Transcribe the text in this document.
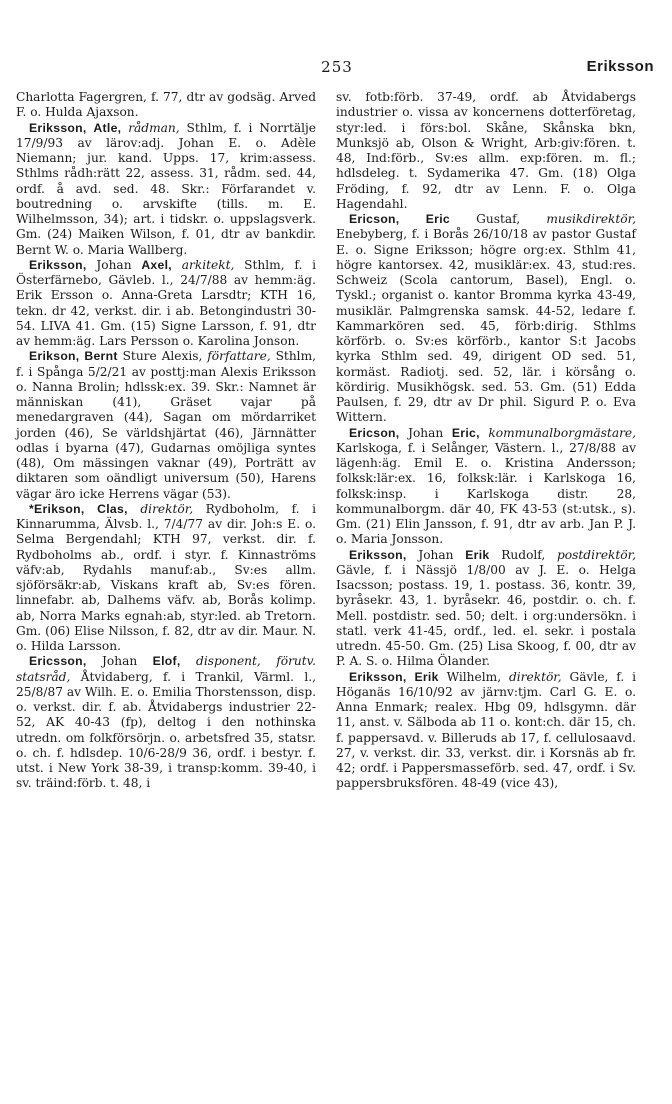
253	Eriksson

Charlotta Fagergren, f. 77, dtr av godsäg. Arved F. o. Hulda Ajaxson.

Eriksson, Atle, rådman, Sthlm, f. i Norrtälje 17/9/93 av lärov:adj. Johan E. o. Adèle Niemann; jur. kand. Upps. 17, krim:assess. Sthlms rådh:rätt 22, assess. 31, rådm. sed. 44, ordf. å avd. sed. 48. Skr.: Förfarandet v. boutredning o. arvskifte (tills. m. E. Wilhelmsson, 34); art. i tidskr. o. uppslagsverk. Gm. (24) Maiken Wilson, f. 01, dtr av bankdir. Bernt W. o. Maria Wallberg.

Eriksson, Johan Axel, arkitekt, Sthlm, f. i Österfärnebo, Gävleb. l., 24/7/88 av hemm:äg. Erik Ersson o. Anna-Greta Larsdtr; KTH 16, tekn. dr 42, verkst. dir. i ab. Betongindustri 30-54. LIVA 41. Gm. (15) Signe Larsson, f. 91, dtr av hemm:äg. Lars Persson o. Karolina Jonson.

Erikson, Bernt Sture Alexis, författare, Sthlm, f. i Spånga 5/2/21 av posttj:man Alexis Eriksson o. Nanna Brolin; hdlssk:ex. 39. Skr.: Namnet är människan (41), Gräset vajar på menedargraven (44), Sagan om mördarriket jorden (46), Se världshjärtat (46), Järnnätter odlas i byarna (47), Gudarnas omöjliga syntes (48), Om mässingen vaknar (49), Porträtt av diktaren som oändligt universum (50), Harens vägar äro icke Herrens vägar (53).

*Erikson, Clas, direktör, Rydboholm, f. i Kinnarumma, Älvsb. l., 7/4/77 av dir. Joh:s E. o. Selma Bergendahl; KTH 97, verkst. dir. f. Rydboholms ab., ordf. i styr. f. Kinnaströms väfv:ab, Rydahls manuf:ab., Sv:es allm. sjöförsäkr:ab, Viskans kraft ab, Sv:es fören. linnefabr. ab, Dalhems väfv. ab, Borås kolimp. ab, Norra Marks egnah:ab, styr:led. ab Tretorn. Gm. (06) Elise Nilsson, f. 82, dtr av dir. Maur. N. o. Hilda Larsson.

Ericsson, Johan Elof, disponent, förutv. statsråd, Åtvidaberg, f. i Trankil, Värml. l., 25/8/87 av Wilh. E. o. Emilia Thorstensson, disp. o. verkst. dir. f. ab. Åtvidabergs industrier 22-52, AK 40-43 (fp), deltog i den nothinska utredn. om folkförsörjn. o. arbetsfred 35, statsr. o. ch. f. hdlsdep. 10/6-28/9 36, ordf. i bestyr. f. utst. i New York 38-39, i transp:komm. 39-40, i sv. träind:förb. t. 48, i

sv. fotb:förb. 37-49, ordf. ab Åtvidabergs industrier o. vissa av koncernens dotterföretag, styr:led. i förs:bol. Skåne, Skånska bkn, Munksjö ab, Olson & Wright, Arb:giv:fören. t. 48, Ind:förb., Sv:es allm. exp:fören. m. fl.; hdlsdeleg. t. Sydamerika 47. Gm. (18) Olga Fröding, f. 92, dtr av Lenn. F. o. Olga Hagendahl.

Ericson, Eric Gustaf, musikdirektör, Enebyberg, f. i Borås 26/10/18 av pastor Gustaf E. o. Signe Eriksson; högre org:ex. Sthlm 41, högre kantorsex. 42, musiklär:ex. 43, stud:res. Schweiz (Scola cantorum, Basel), Engl. o. Tyskl.; organist o. kantor Bromma kyrka 43-49, musiklär. Palmgrenska samsk. 44-52, ledare f. Kammarkören sed. 45, förb:dirig. Sthlms körförb. o. Sv:es körförb., kantor S:t Jacobs kyrka Sthlm sed. 49, dirigent OD sed. 51, kormäst. Radiotj. sed. 52, lär. i körsång o. kördirig. Musikhögsk. sed. 53. Gm. (51) Edda Paulsen, f. 29, dtr av Dr phil. Sigurd P. o. Eva Wittern.

Ericson, Johan Eric, kommunalborgmästare, Karlskoga, f. i Selånger, Västern. l., 27/8/88 av lägenh:äg. Emil E. o. Kristina Andersson; folksk:lär:ex. 16, folksk:lär. i Karlskoga 16, folksk:insp. i Karlskoga distr. 28, kommunalborgm. där 40, FK 43-53 (st:utsk., s). Gm. (21) Elin Jansson, f. 91, dtr av arb. Jan P. J. o. Maria Jonsson.

Eriksson, Johan Erik Rudolf, postdirektör, Gävle, f. i Nässjö 1/8/00 av J. E. o. Helga Isacsson; postass. 19, 1. postass. 36, kontr. 39, byråsekr. 43, 1. byråsekr. 46, postdir. o. ch. f. Mell. postdistr. sed. 50; delt. i org:undersökn. i statl. verk 41-45, ordf., led. el. sekr. i postala utredn. 45-50. Gm. (25) Lisa Skoog, f. 00, dtr av P. A. S. o. Hilma Ölander.

Eriksson, Erik Wilhelm, direktör, Gävle, f. i Höganäs 16/10/92 av järnv:tjm. Carl G. E. o. Anna Enmark; realex. Hbg 09, hdlsgymn. där 11, anst. v. Sälboda ab 11 o. kont:ch. där 15, ch. f. pappersavd. v. Billeruds ab 17, f. cellulosaavd. 27, v. verkst. dir. 33, verkst. dir. i Korsnäs ab fr. 42; ordf. i Pappersmasseförb. sed. 47, ordf. i Sv. pappersbruksfören. 48-49 (vice 43),
